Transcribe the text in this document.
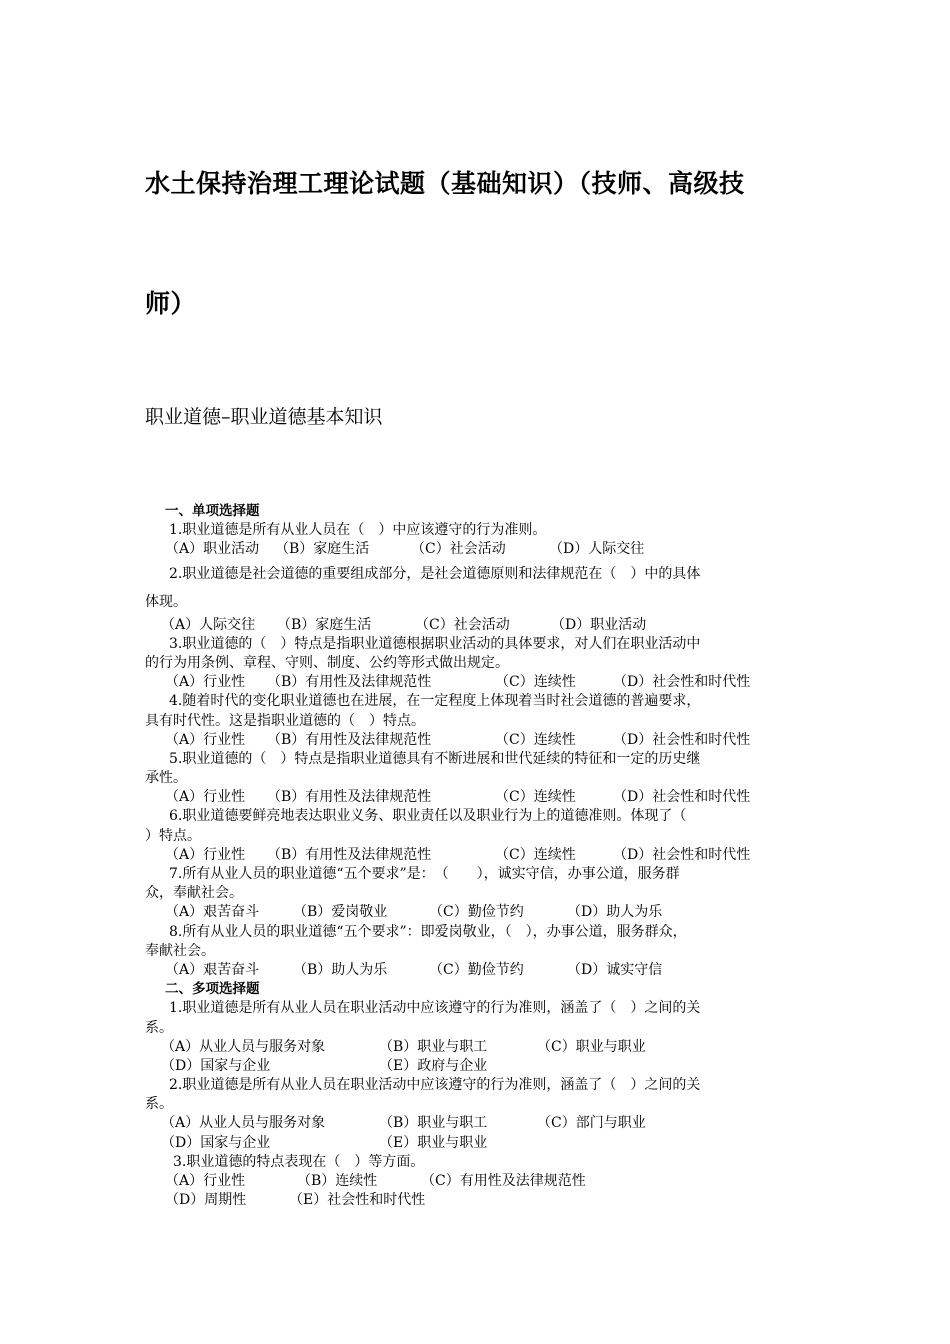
水土保持治理工理论试题（基础知识）（技师、高级技
师）
职业道德–职业道德基本知识
一、单项选择题
1.职业道德是所有从业人员在（　）中应该遵守的行为准则。
（A）职业活动 （B）家庭生活	（C）社会活动	（D）人际交往
2.职业道德是社会道德的重要组成部分，是社会道德原则和法律规范在（　）中的具体
体现。
（A）人际交往 （B）家庭生活	（C）社会活动	（D）职业活动
3.职业道德的（　）特点是指职业道德根据职业活动的具体要求，对人们在职业活动中
的行为用条例、章程、守则、制度、公约等形式做出规定。
（A）行业性 （B）有用性及法律规范性	（C）连续性	（D）社会性和时代性
4.随着时代的变化职业道德也在进展，在一定程度上体现着当时社会道德的普遍要求，
具有时代性。这是指职业道德的（　）特点。
（A）行业性 （B）有用性及法律规范性	（C）连续性	（D）社会性和时代性
5.职业道德的（　）特点是指职业道德具有不断进展和世代延续的特征和一定的历史继
承性。
（A）行业性 （B）有用性及法律规范性	（C）连续性	（D）社会性和时代性
6.职业道德要鲜亮地表达职业义务、职业责任以及职业行为上的道德准则。体现了（
）特点。
（A）行业性 （B）有用性及法律规范性	（C）连续性	（D）社会性和时代性
7.所有从业人员的职业道德“五个要求”是：　（　　），诚实守信，办事公道，服务群
众，奉献社会。
（A）艰苦奋斗 （B）爱岗敬业	（C）勤俭节约	（D）助人为乐
8.所有从业人员的职业道德“五个要求”：即爱岗敬业，（　），办事公道，服务群众，
奉献社会。
（A）艰苦奋斗 （B）助人为乐	（C）勤俭节约	（D）诚实守信
二、多项选择题
1.职业道德是所有从业人员在职业活动中应该遵守的行为准则，涵盖了（　）之间的关
系。
（A）从业人员与服务对象	（B）职业与职工	（C）职业与职业
（D）国家与企业	（E）政府与企业
2.职业道德是所有从业人员在职业活动中应该遵守的行为准则，涵盖了（　）之间的关
系。
（A）从业人员与服务对象	（B）职业与职工	（C）部门与职业
（D）国家与企业	（E）职业与职业
3.职业道德的特点表现在（　）等方面。
（A）行业性	（B）连续性	（C）有用性及法律规范性
（D）周期性	（E）社会性和时代性
